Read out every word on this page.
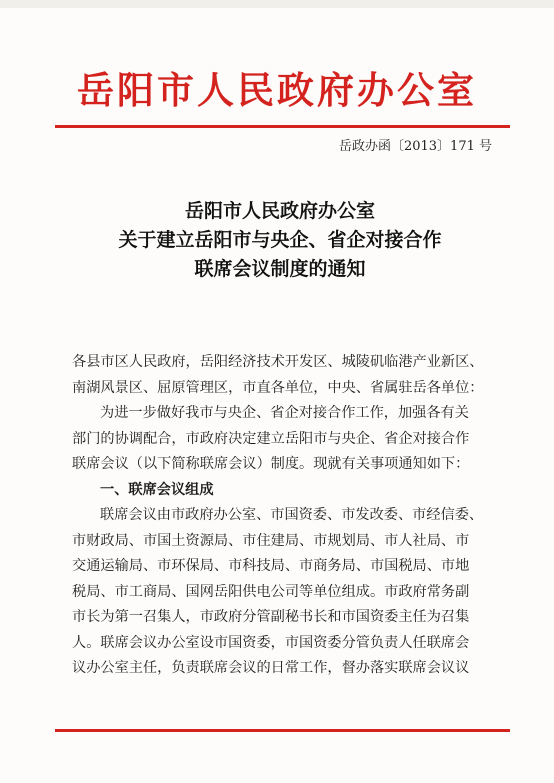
岳阳市人民政府办公室
岳政办函〔2013〕171 号
岳阳市人民政府办公室
关于建立岳阳市与央企、省企对接合作
联席会议制度的通知
各县市区人民政府，岳阳经济技术开发区、城陵矶临港产业新区、
南湖风景区、屈原管理区，市直各单位，中央、省属驻岳各单位：
为进一步做好我市与央企、省企对接合作工作，加强各有关
部门的协调配合，市政府决定建立岳阳市与央企、省企对接合作
联席会议（以下简称联席会议）制度。现就有关事项通知如下：
一、联席会议组成
联席会议由市政府办公室、市国资委、市发改委、市经信委、
市财政局、市国土资源局、市住建局、市规划局、市人社局、市
交通运输局、市环保局、市科技局、市商务局、市国税局、市地
税局、市工商局、国网岳阳供电公司等单位组成。市政府常务副
市长为第一召集人，市政府分管副秘书长和市国资委主任为召集
人。联席会议办公室设市国资委，市国资委分管负责人任联席会
议办公室主任，负责联席会议的日常工作，督办落实联席会议议
